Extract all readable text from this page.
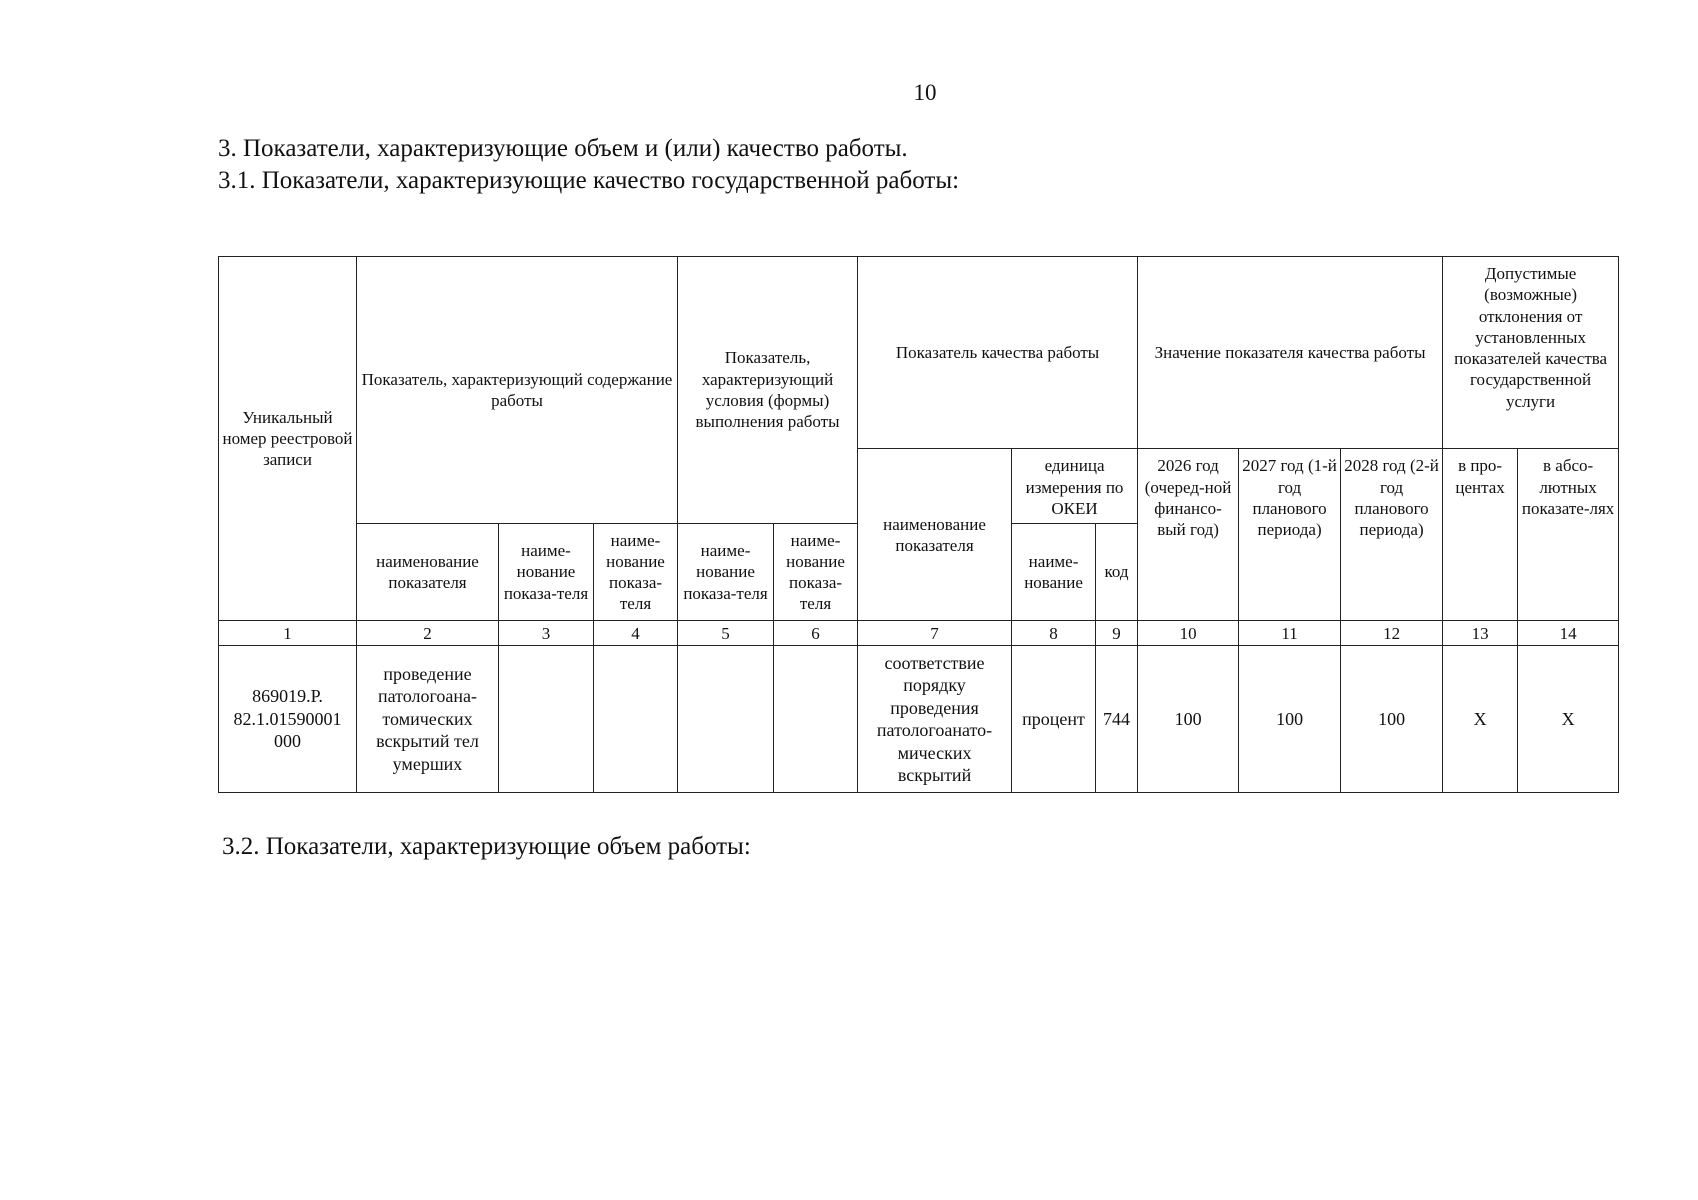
10
3. Показатели, характеризующие объем и (или) качество работы.
3.1. Показатели, характеризующие качество государственной работы:
Уникальный номер реестровой записи	Показатель, характеризующий содержание работы			Показатель, характеризующий условия (формы) выполнения работы		Показатель качества работы			Значение показателя качества работы			Допустимые (возможные) отклонения от установленных показателей качества государственной услуги	
						наименование показателя	единица измерения по ОКЕИ		2026 год (очеред-ной финансо-вый год)	2027 год (1-й год планового периода)	2028 год (2-й год планового периода)	в про-центах	в абсо-лютных показате-лях
	наименование показателя	наиме-нование показа-теля	наиме-нование показа-теля	наиме-нование показа-теля	наиме-нование показа-теля		наиме-нование	код					
1	2	3	4	5	6	7	8	9	10	11	12	13	14
869019.Р. 82.1.01590001 000	проведение патологоана-томических вскрытий тел умерших					соответствие порядку проведения патологоанато-мических вскрытий	процент	744	100	100	100	Х	Х
3.2. Показатели, характеризующие объем работы:
